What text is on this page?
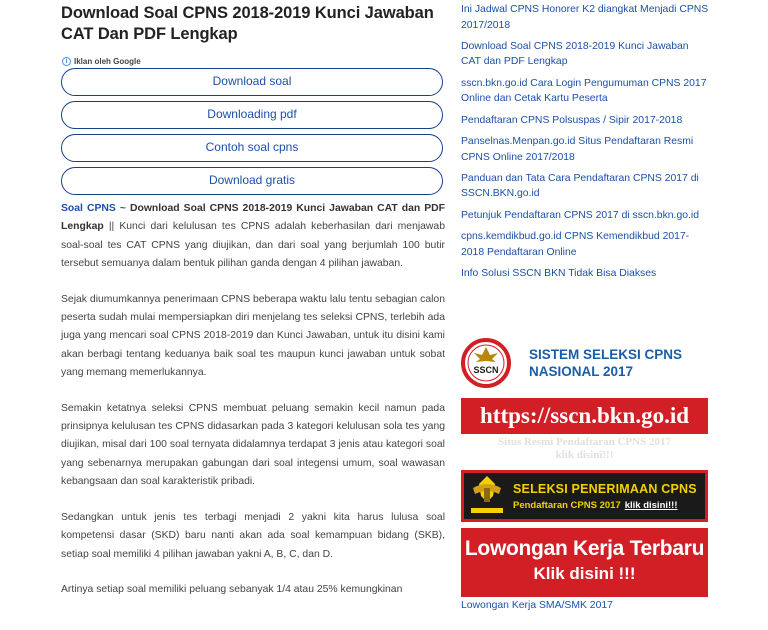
Download Soal CPNS 2018-2019 Kunci Jawaban CAT Dan PDF Lengkap
i Iklan oleh Google
Download soal
Downloading pdf
Contoh soal cpns
Download gratis

Soal CPNS ~ Download Soal CPNS 2018-2019 Kunci Jawaban CAT dan PDF Lengkap || Kunci dari kelulusan tes CPNS adalah keberhasilan dari menjawab soal-soal tes CAT CPNS yang diujikan, dan dari soal yang berjumlah 100 butir tersebut semuanya dalam bentuk pilihan ganda dengan 4 pilihan jawaban.

Sejak diumumkannya penerimaan CPNS beberapa waktu lalu tentu sebagian calon peserta sudah mulai mempersiapkan diri menjelang tes seleksi CPNS, terlebih ada juga yang mencari soal CPNS 2018-2019 dan Kunci Jawaban, untuk itu disini kami akan berbagi tentang keduanya baik soal tes maupun kunci jawaban untuk sobat yang memang memerlukannya.

Semakin ketatnya seleksi CPNS membuat peluang semakin kecil namun pada prinsipnya kelulusan tes CPNS didasarkan pada 3 kategori kelulusan sola tes yang diujikan, misal dari 100 soal ternyata didalamnya terdapat 3 jenis atau kategori soal yang sebenarnya merupakan gabungan dari soal integensi umum, soal wawasan kebangsaan dan soal karakteristik pribadi.

Sedangkan untuk jenis tes terbagi menjadi 2 yakni kita harus lulusa soal kompetensi dasar (SKD) baru nanti akan ada soal kemampuan bidang (SKB), setiap soal memiliki 4 pilihan jawaban yakni A, B, C, dan D.

Artinya setiap soal memiliki peluang sebanyak 1/4 atau 25% kemungkinan

Ini Jadwal CPNS Honorer K2 diangkat Menjadi CPNS 2017/2018
Download Soal CPNS 2018-2019 Kunci Jawaban CAT dan PDF Lengkap
sscn.bkn.go.id Cara Login Pengumuman CPNS 2017 Online dan Cetak Kartu Peserta
Pendaftaran CPNS Polsuspas / Sipir 2017-2018
Panselnas.Menpan.go.id Situs Pendaftaran Resmi CPNS Online 2017/2018
Panduan dan Tata Cara Pendaftaran CPNS 2017 di SSCN.BKN.go.id
Petunjuk Pendaftaran CPNS 2017 di sscn.bkn.go.id
cpns.kemdikbud.go.id CPNS Kemendikbud 2017-2018 Pendaftaran Online
Info Solusi SSCN BKN Tidak Bisa Diakses
SSCN
SISTEM SELEKSI CPNS
NASIONAL 2017
https://sscn.bkn.go.id
Situs Resmi Pendaftaran CPNS 2017
klik disini!!!
SELEKSI PENERIMAAN CPNS
Pendaftaran CPNS 2017 klik disini!!!
Lowongan Kerja Terbaru
Klik disini !!!
Lowongan Kerja SMA/SMK 2017
